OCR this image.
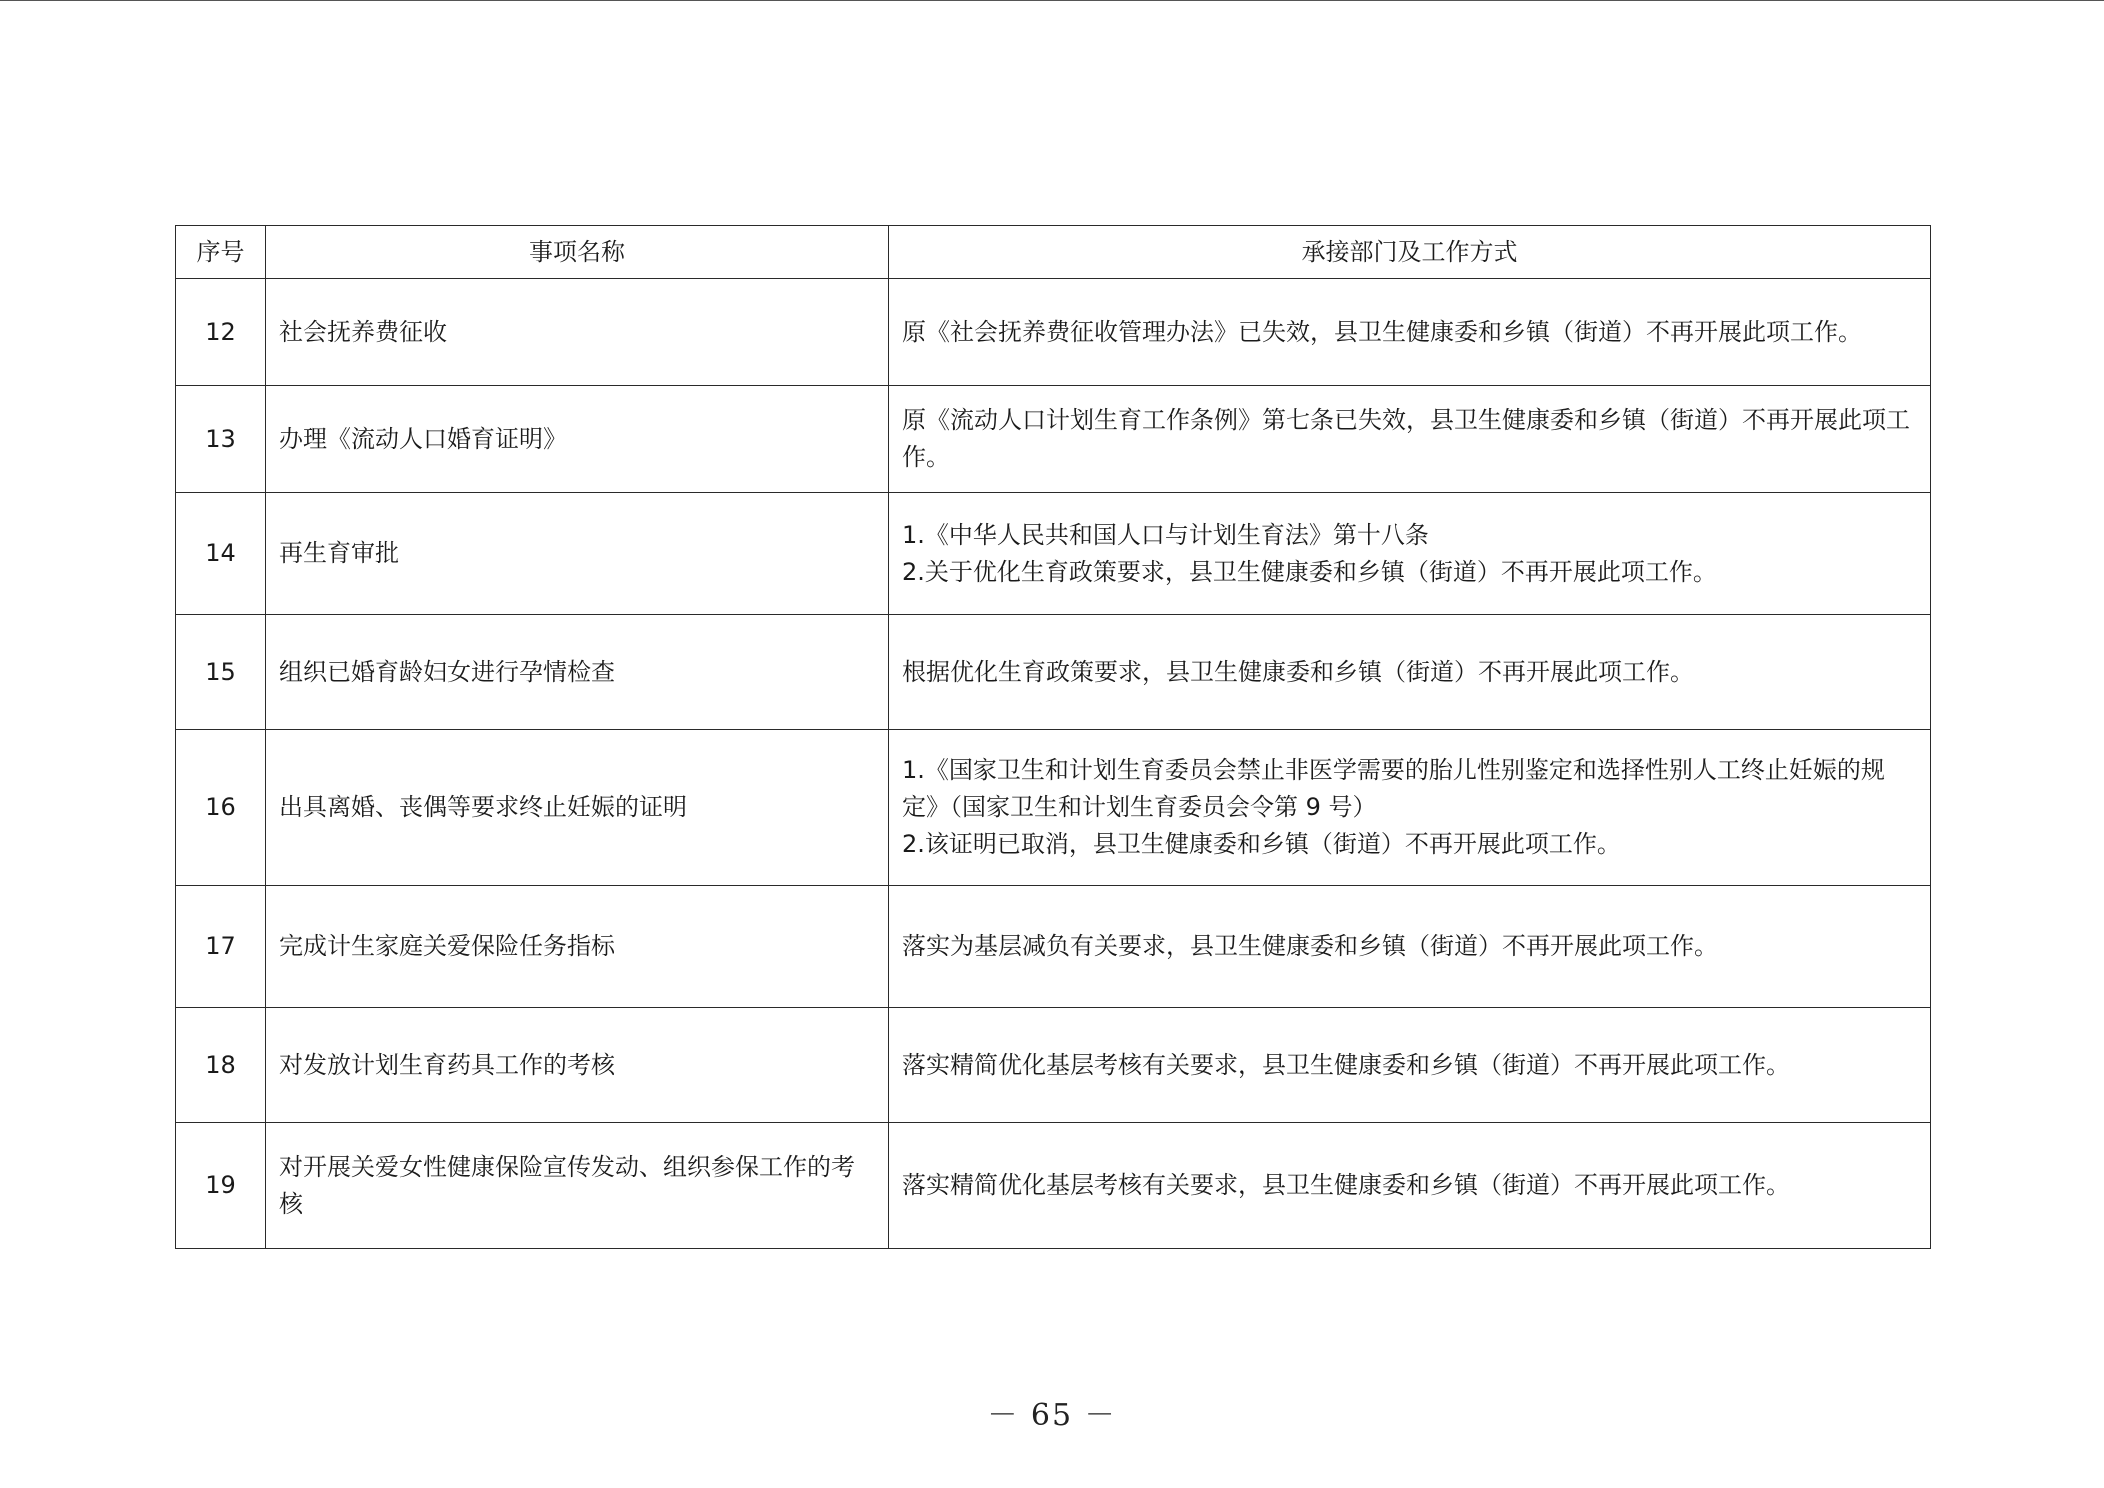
序号	事项名称	承接部门及工作方式
12	社会抚养费征收	原《社会抚养费征收管理办法》已失效，县卫生健康委和乡镇（街道）不再开展此项工作。

13	办理《流动人口婚育证明》	原《流动人口计划生育工作条例》第七条已失效，县卫生健康委和乡镇（街道）不再开展此项工作。

14	再生育审批	1.《中华人民共和国人口与计划生育法》第十八条
2.关于优化生育政策要求，县卫生健康委和乡镇（街道）不再开展此项工作。

15	组织已婚育龄妇女进行孕情检查	根据优化生育政策要求，县卫生健康委和乡镇（街道）不再开展此项工作。

16	出具离婚、丧偶等要求终止妊娠的证明	1.《国家卫生和计划生育委员会禁止非医学需要的胎儿性别鉴定和选择性别人工终止妊娠的规定》（国家卫生和计划生育委员会令第 9 号）
2.该证明已取消，县卫生健康委和乡镇（街道）不再开展此项工作。

17	完成计生家庭关爱保险任务指标	落实为基层减负有关要求，县卫生健康委和乡镇（街道）不再开展此项工作。

18	对发放计划生育药具工作的考核	落实精简优化基层考核有关要求，县卫生健康委和乡镇（街道）不再开展此项工作。

19	对开展关爱女性健康保险宣传发动、组织参保工作的考核	落实精简优化基层考核有关要求，县卫生健康委和乡镇（街道）不再开展此项工作。
－ 65 －
